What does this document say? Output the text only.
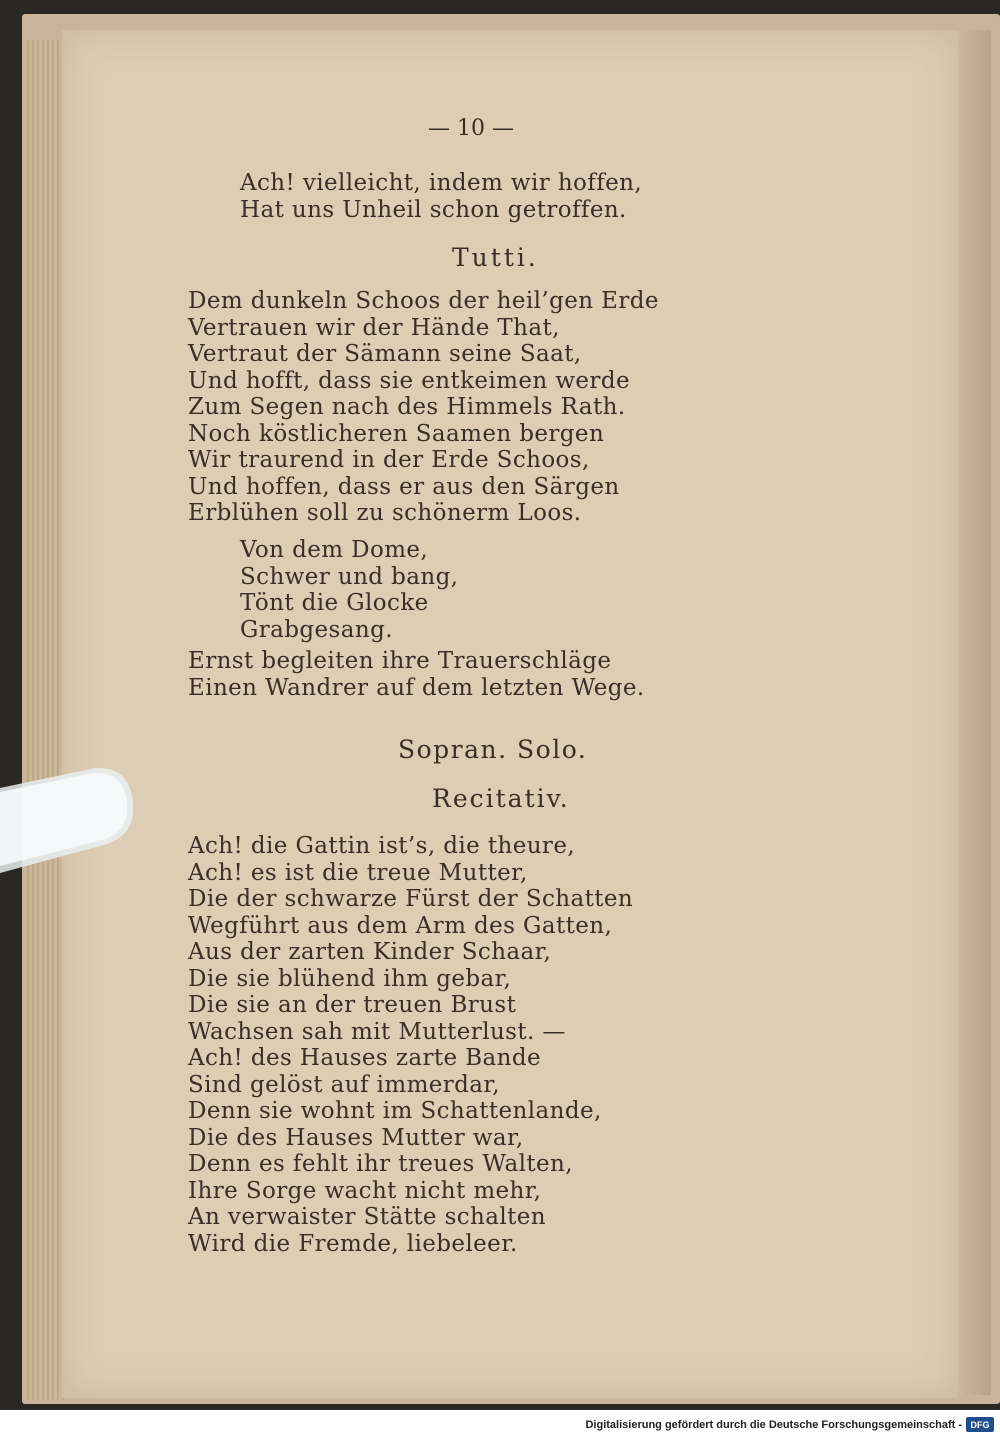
— 10 —
Ach! vielleicht, indem wir hoffen,
Hat uns Unheil schon getroffen.
Tutti.
Dem dunkeln Schoos der heil’gen Erde
Vertrauen wir der Hände That,
Vertraut der Sämann seine Saat,
Und hofft, dass sie entkeimen werde
Zum Segen nach des Himmels Rath.
Noch köstlicheren Saamen bergen
Wir traurend in der Erde Schoos,
Und hoffen, dass er aus den Särgen
Erblühen soll zu schönerm Loos.
Von dem Dome,
Schwer und bang,
Tönt die Glocke
Grabgesang.
Ernst begleiten ihre Trauerschläge
Einen Wandrer auf dem letzten Wege.
Sopran. Solo.
Recitativ.
Ach! die Gattin ist’s, die theure,
Ach! es ist die treue Mutter,
Die der schwarze Fürst der Schatten
Wegführt aus dem Arm des Gatten,
Aus der zarten Kinder Schaar,
Die sie blühend ihm gebar,
Die sie an der treuen Brust
Wachsen sah mit Mutterlust. —
Ach! des Hauses zarte Bande
Sind gelöst auf immerdar,
Denn sie wohnt im Schattenlande,
Die des Hauses Mutter war,
Denn es fehlt ihr treues Walten,
Ihre Sorge wacht nicht mehr,
An verwaister Stätte schalten
Wird die Fremde, liebeleer.
Digitalisierung gefördert durch die Deutsche Forschungsgemeinschaft - DFG
